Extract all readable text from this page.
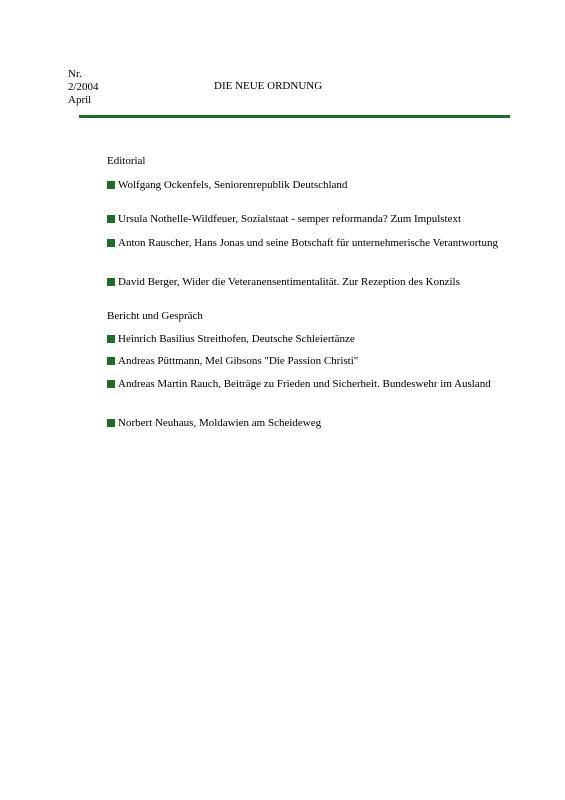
Nr.
2/2004
April
DIE NEUE ORDNUNG
Editorial
Wolfgang Ockenfels, Seniorenrepublik Deutschland
Ursula Nothelle-Wildfeuer, Sozialstaat - semper reformanda? Zum Impulstext
Anton Rauscher, Hans Jonas und seine Botschaft für unternehmerische Verantwortung
David Berger, Wider die Veteranensentimentalität. Zur Rezeption des Konzils
Bericht und Gespräch
Heinrich Basilius Streithofen, Deutsche Schleiertänze
Andreas Püttmann, Mel Gibsons "Die Passion Christi"
Andreas Martin Rauch, Beiträge zu Frieden und Sicherheit. Bundeswehr im Ausland
Norbert Neuhaus, Moldawien am Scheideweg
